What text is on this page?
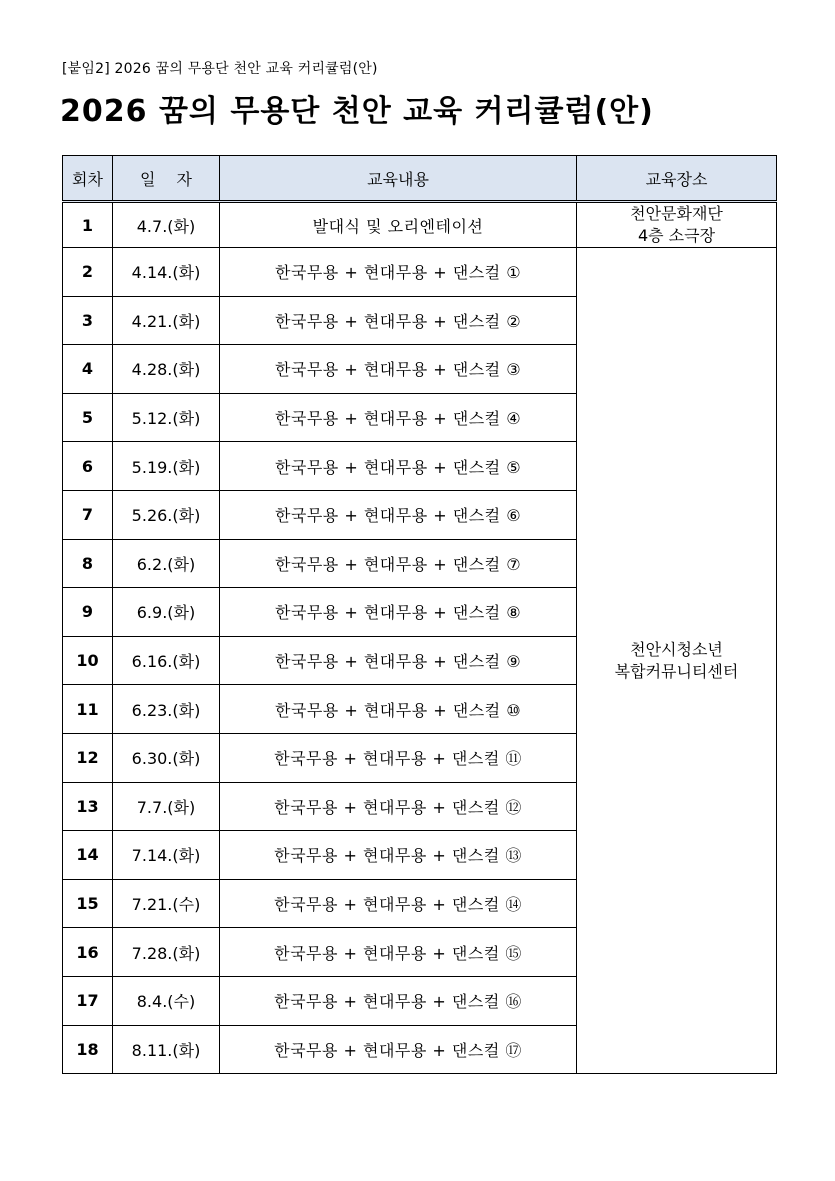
[붙임2] 2026 꿈의 무용단 천안 교육 커리큘럼(안)
2026 꿈의 무용단 천안 교육 커리큘럼(안)
회차	일　 자	교육내용	교육장소
1	4.7.(화)	발대식 및 오리엔테이션	천안문화재단
4층 소극장

2	4.14.(화)	한국무용 + 현대무용 + 댄스컬 ①	천안시청소년
복합커뮤니티센터

3	4.21.(화)	한국무용 + 현대무용 + 댄스컬 ②	
4	4.28.(화)	한국무용 + 현대무용 + 댄스컬 ③	
5	5.12.(화)	한국무용 + 현대무용 + 댄스컬 ④	
6	5.19.(화)	한국무용 + 현대무용 + 댄스컬 ⑤	
7	5.26.(화)	한국무용 + 현대무용 + 댄스컬 ⑥	
8	6.2.(화)	한국무용 + 현대무용 + 댄스컬 ⑦	
9	6.9.(화)	한국무용 + 현대무용 + 댄스컬 ⑧	
10	6.16.(화)	한국무용 + 현대무용 + 댄스컬 ⑨	
11	6.23.(화)	한국무용 + 현대무용 + 댄스컬 ⑩	
12	6.30.(화)	한국무용 + 현대무용 + 댄스컬 ⑪	
13	7.7.(화)	한국무용 + 현대무용 + 댄스컬 ⑫	
14	7.14.(화)	한국무용 + 현대무용 + 댄스컬 ⑬	
15	7.21.(수)	한국무용 + 현대무용 + 댄스컬 ⑭	
16	7.28.(화)	한국무용 + 현대무용 + 댄스컬 ⑮	
17	8.4.(수)	한국무용 + 현대무용 + 댄스컬 ⑯	
18	8.11.(화)	한국무용 + 현대무용 + 댄스컬 ⑰	
